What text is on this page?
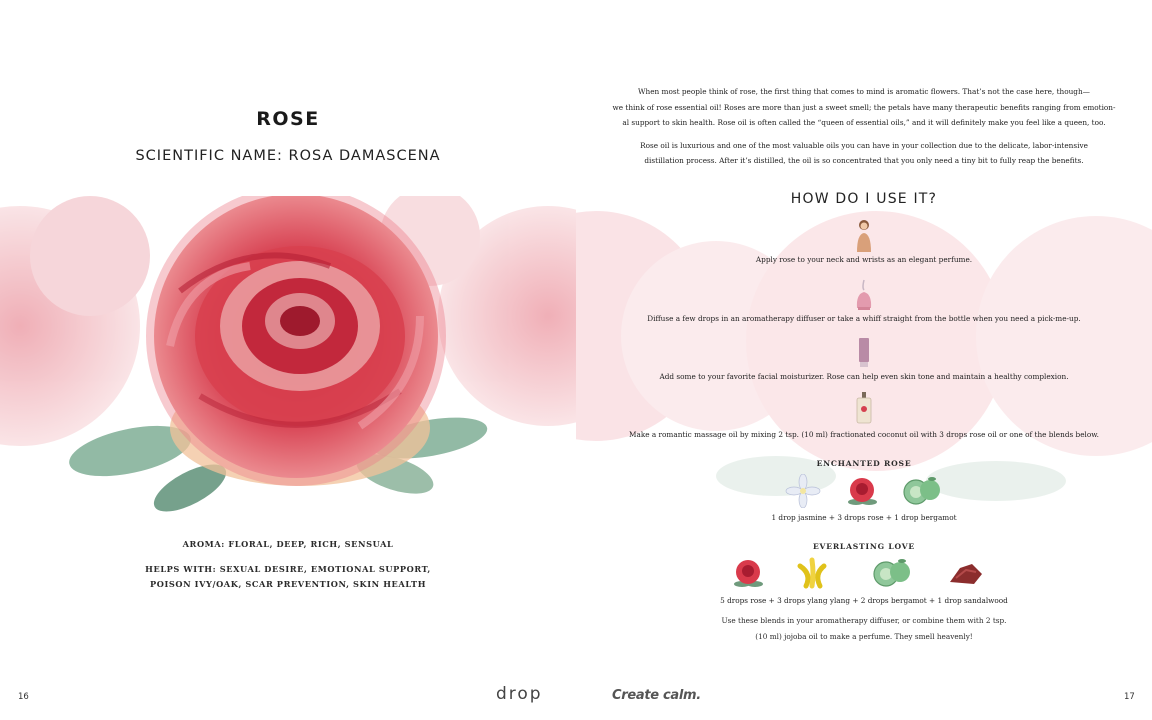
ROSE
SCIENTIFIC NAME: ROSA DAMASCENA
AROMA: FLORAL, DEEP, RICH, SENSUAL
HELPS WITH: SEXUAL DESIRE, EMOTIONAL SUPPORT,
POISON IVY/OAK, SCAR PREVENTION, SKIN HEALTH
16	drop

When most people think of rose, the first thing that comes to mind is aromatic flowers. That’s not the case here, though—
we think of rose essential oil! Roses are more than just a sweet smell; the petals have many therapeutic benefits ranging from emotion-
al support to skin health. Rose oil is often called the “queen of essential oils,” and it will definitely make you feel like a queen, too.

Rose oil is luxurious and one of the most valuable oils you can have in your collection due to the delicate, labor-intensive
distillation process. After it’s distilled, the oil is so concentrated that you only need a tiny bit to fully reap the benefits.

HOW DO I USE IT?
Apply rose to your neck and wrists as an elegant perfume.
Diffuse a few drops in an aromatherapy diffuser or take a whiff straight from the bottle when you need a pick-me-up.
Add some to your favorite facial moisturizer. Rose can help even skin tone and maintain a healthy complexion.
Make a romantic massage oil by mixing 2 tsp. (10 ml) fractionated coconut oil with 3 drops rose oil or one of the blends below.
ENCHANTED ROSE
1 drop jasmine + 3 drops rose + 1 drop bergamot
EVERLASTING LOVE
5 drops rose + 3 drops ylang ylang + 2 drops bergamot + 1 drop sandalwood
Use these blends in your aromatherapy diffuser, or combine them with 2 tsp.
(10 ml) jojoba oil to make a perfume. They smell heavenly!
Create calm.	17
